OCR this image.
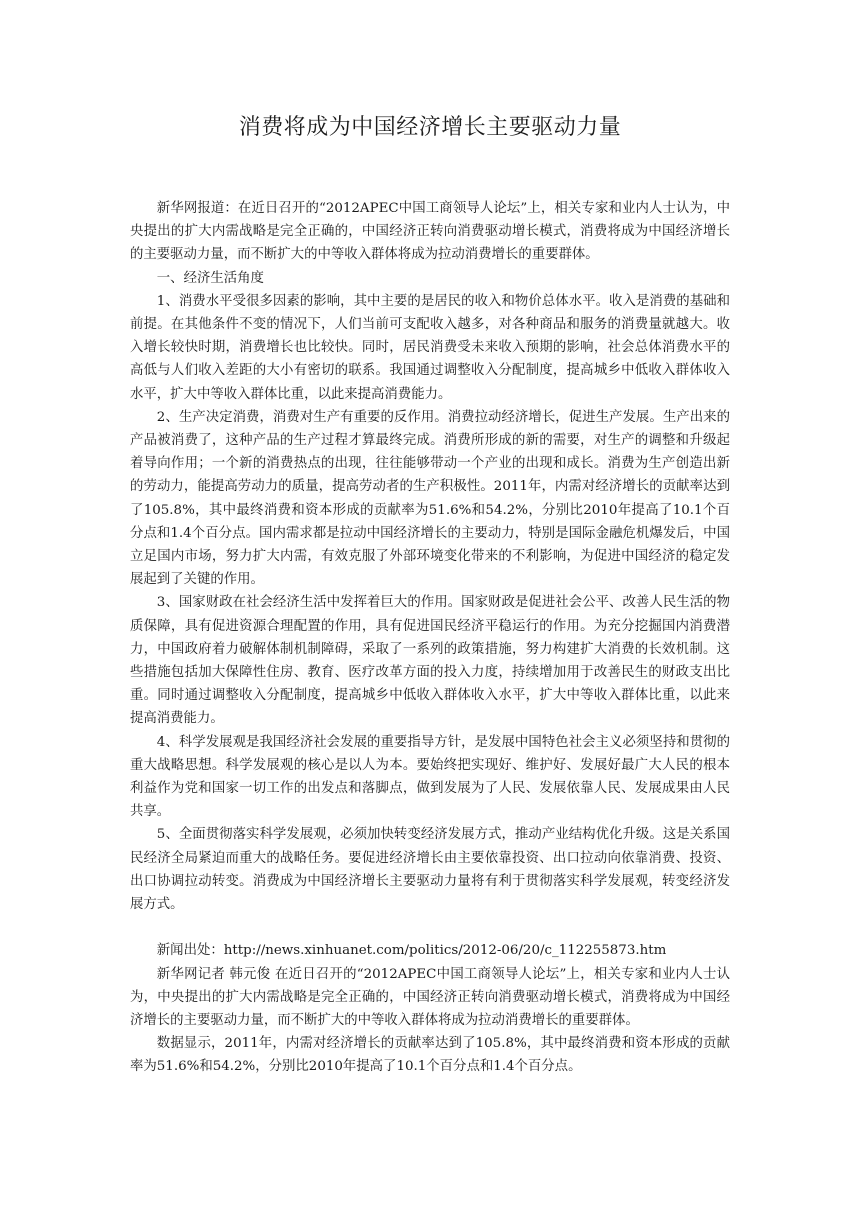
消费将成为中国经济增长主要驱动力量

新华网报道：在近日召开的“2012APEC中国工商领导人论坛”上，相关专家和业内人士认为，中央提出的扩大内需战略是完全正确的，中国经济正转向消费驱动增长模式，消费将成为中国经济增长的主要驱动力量，而不断扩大的中等收入群体将成为拉动消费增长的重要群体。

一、经济生活角度

1、消费水平受很多因素的影响，其中主要的是居民的收入和物价总体水平。收入是消费的基础和前提。在其他条件不变的情况下，人们当前可支配收入越多，对各种商品和服务的消费量就越大。收入增长较快时期，消费增长也比较快。同时，居民消费受未来收入预期的影响，社会总体消费水平的高低与人们收入差距的大小有密切的联系。我国通过调整收入分配制度，提高城乡中低收入群体收入水平，扩大中等收入群体比重，以此来提高消费能力。

2、生产决定消费，消费对生产有重要的反作用。消费拉动经济增长，促进生产发展。生产出来的产品被消费了，这种产品的生产过程才算最终完成。消费所形成的新的需要，对生产的调整和升级起着导向作用；一个新的消费热点的出现，往往能够带动一个产业的出现和成长。消费为生产创造出新的劳动力，能提高劳动力的质量，提高劳动者的生产积极性。2011年，内需对经济增长的贡献率达到了105.8%，其中最终消费和资本形成的贡献率为51.6%和54.2%，分别比2010年提高了10.1个百分点和1.4个百分点。国内需求都是拉动中国经济增长的主要动力，特别是国际金融危机爆发后，中国立足国内市场，努力扩大内需，有效克服了外部环境变化带来的不利影响，为促进中国经济的稳定发展起到了关键的作用。

3、国家财政在社会经济生活中发挥着巨大的作用。国家财政是促进社会公平、改善人民生活的物质保障，具有促进资源合理配置的作用，具有促进国民经济平稳运行的作用。为充分挖掘国内消费潜力，中国政府着力破解体制机制障碍，采取了一系列的政策措施，努力构建扩大消费的长效机制。这些措施包括加大保障性住房、教育、医疗改革方面的投入力度，持续增加用于改善民生的财政支出比重。同时通过调整收入分配制度，提高城乡中低收入群体收入水平，扩大中等收入群体比重，以此来提高消费能力。

4、科学发展观是我国经济社会发展的重要指导方针，是发展中国特色社会主义必须坚持和贯彻的重大战略思想。科学发展观的核心是以人为本。要始终把实现好、维护好、发展好最广大人民的根本利益作为党和国家一切工作的出发点和落脚点，做到发展为了人民、发展依靠人民、发展成果由人民共享。

5、全面贯彻落实科学发展观，必须加快转变经济发展方式，推动产业结构优化升级。这是关系国民经济全局紧迫而重大的战略任务。要促进经济增长由主要依靠投资、出口拉动向依靠消费、投资、出口协调拉动转变。消费成为中国经济增长主要驱动力量将有利于贯彻落实科学发展观，转变经济发展方式。

新闻出处：http://news.xinhuanet.com/politics/2012-06/20/c_112255873.htm

新华网记者 韩元俊 在近日召开的“2012APEC中国工商领导人论坛”上，相关专家和业内人士认为，中央提出的扩大内需战略是完全正确的，中国经济正转向消费驱动增长模式，消费将成为中国经济增长的主要驱动力量，而不断扩大的中等收入群体将成为拉动消费增长的重要群体。

数据显示，2011年，内需对经济增长的贡献率达到了105.8%，其中最终消费和资本形成的贡献率为51.6%和54.2%，分别比2010年提高了10.1个百分点和1.4个百分点。
